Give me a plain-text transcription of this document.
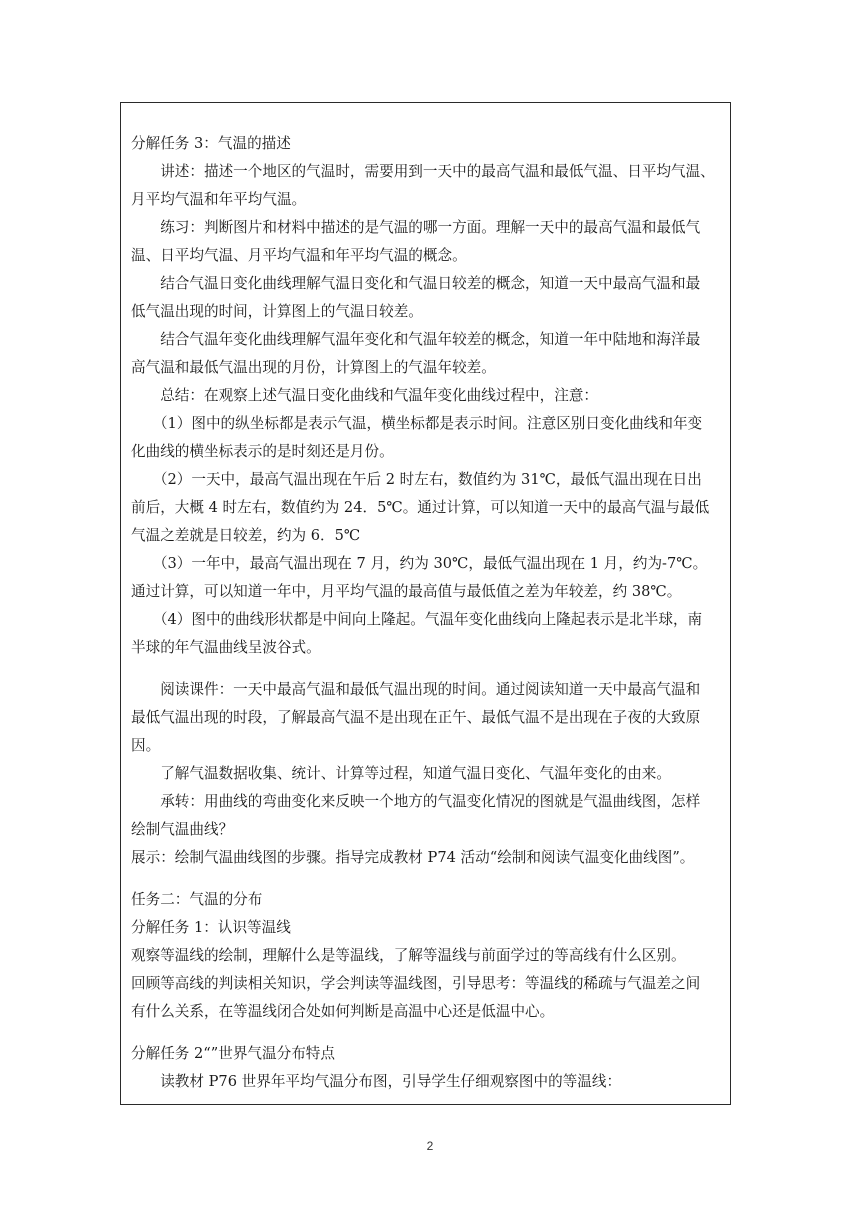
分解任务 3：气温的描述

　　讲述：描述一个地区的气温时，需要用到一天中的最高气温和最低气温、日平均气温、

月平均气温和年平均气温。

　　练习：判断图片和材料中描述的是气温的哪一方面。理解一天中的最高气温和最低气

温、日平均气温、月平均气温和年平均气温的概念。

　　结合气温日变化曲线理解气温日变化和气温日较差的概念，知道一天中最高气温和最

低气温出现的时间，计算图上的气温日较差。

　　结合气温年变化曲线理解气温年变化和气温年较差的概念，知道一年中陆地和海洋最

高气温和最低气温出现的月份，计算图上的气温年较差。

　　总结：在观察上述气温日变化曲线和气温年变化曲线过程中，注意：

　　（1）图中的纵坐标都是表示气温，横坐标都是表示时间。注意区别日变化曲线和年变

化曲线的横坐标表示的是时刻还是月份。

　　（2）一天中，最高气温出现在午后 2 时左右，数值约为 31℃，最低气温出现在日出

前后，大概 4 时左右，数值约为 24．5℃。通过计算，可以知道一天中的最高气温与最低

气温之差就是日较差，约为 6．5℃

　　（3）一年中，最高气温出现在 7 月，约为 30℃，最低气温出现在 1 月，约为-7℃。

通过计算，可以知道一年中，月平均气温的最高值与最低值之差为年较差，约 38℃。

　　（4）图中的曲线形状都是中间向上隆起。气温年变化曲线向上隆起表示是北半球，南

半球的年气温曲线呈波谷式。

　　阅读课件：一天中最高气温和最低气温出现的时间。通过阅读知道一天中最高气温和

最低气温出现的时段，了解最高气温不是出现在正午、最低气温不是出现在子夜的大致原

因。

　　了解气温数据收集、统计、计算等过程，知道气温日变化、气温年变化的由来。

　　承转：用曲线的弯曲变化来反映一个地方的气温变化情况的图就是气温曲线图，怎样

绘制气温曲线？

展示：绘制气温曲线图的步骤。指导完成教材 P74 活动“绘制和阅读气温变化曲线图”。

任务二：气温的分布

分解任务 1：认识等温线

观察等温线的绘制，理解什么是等温线，了解等温线与前面学过的等高线有什么区别。

回顾等高线的判读相关知识，学会判读等温线图，引导思考：等温线的稀疏与气温差之间

有什么关系，在等温线闭合处如何判断是高温中心还是低温中心。

分解任务 2“”世界气温分布特点

　　读教材 P76 世界年平均气温分布图，引导学生仔细观察图中的等温线：

2
